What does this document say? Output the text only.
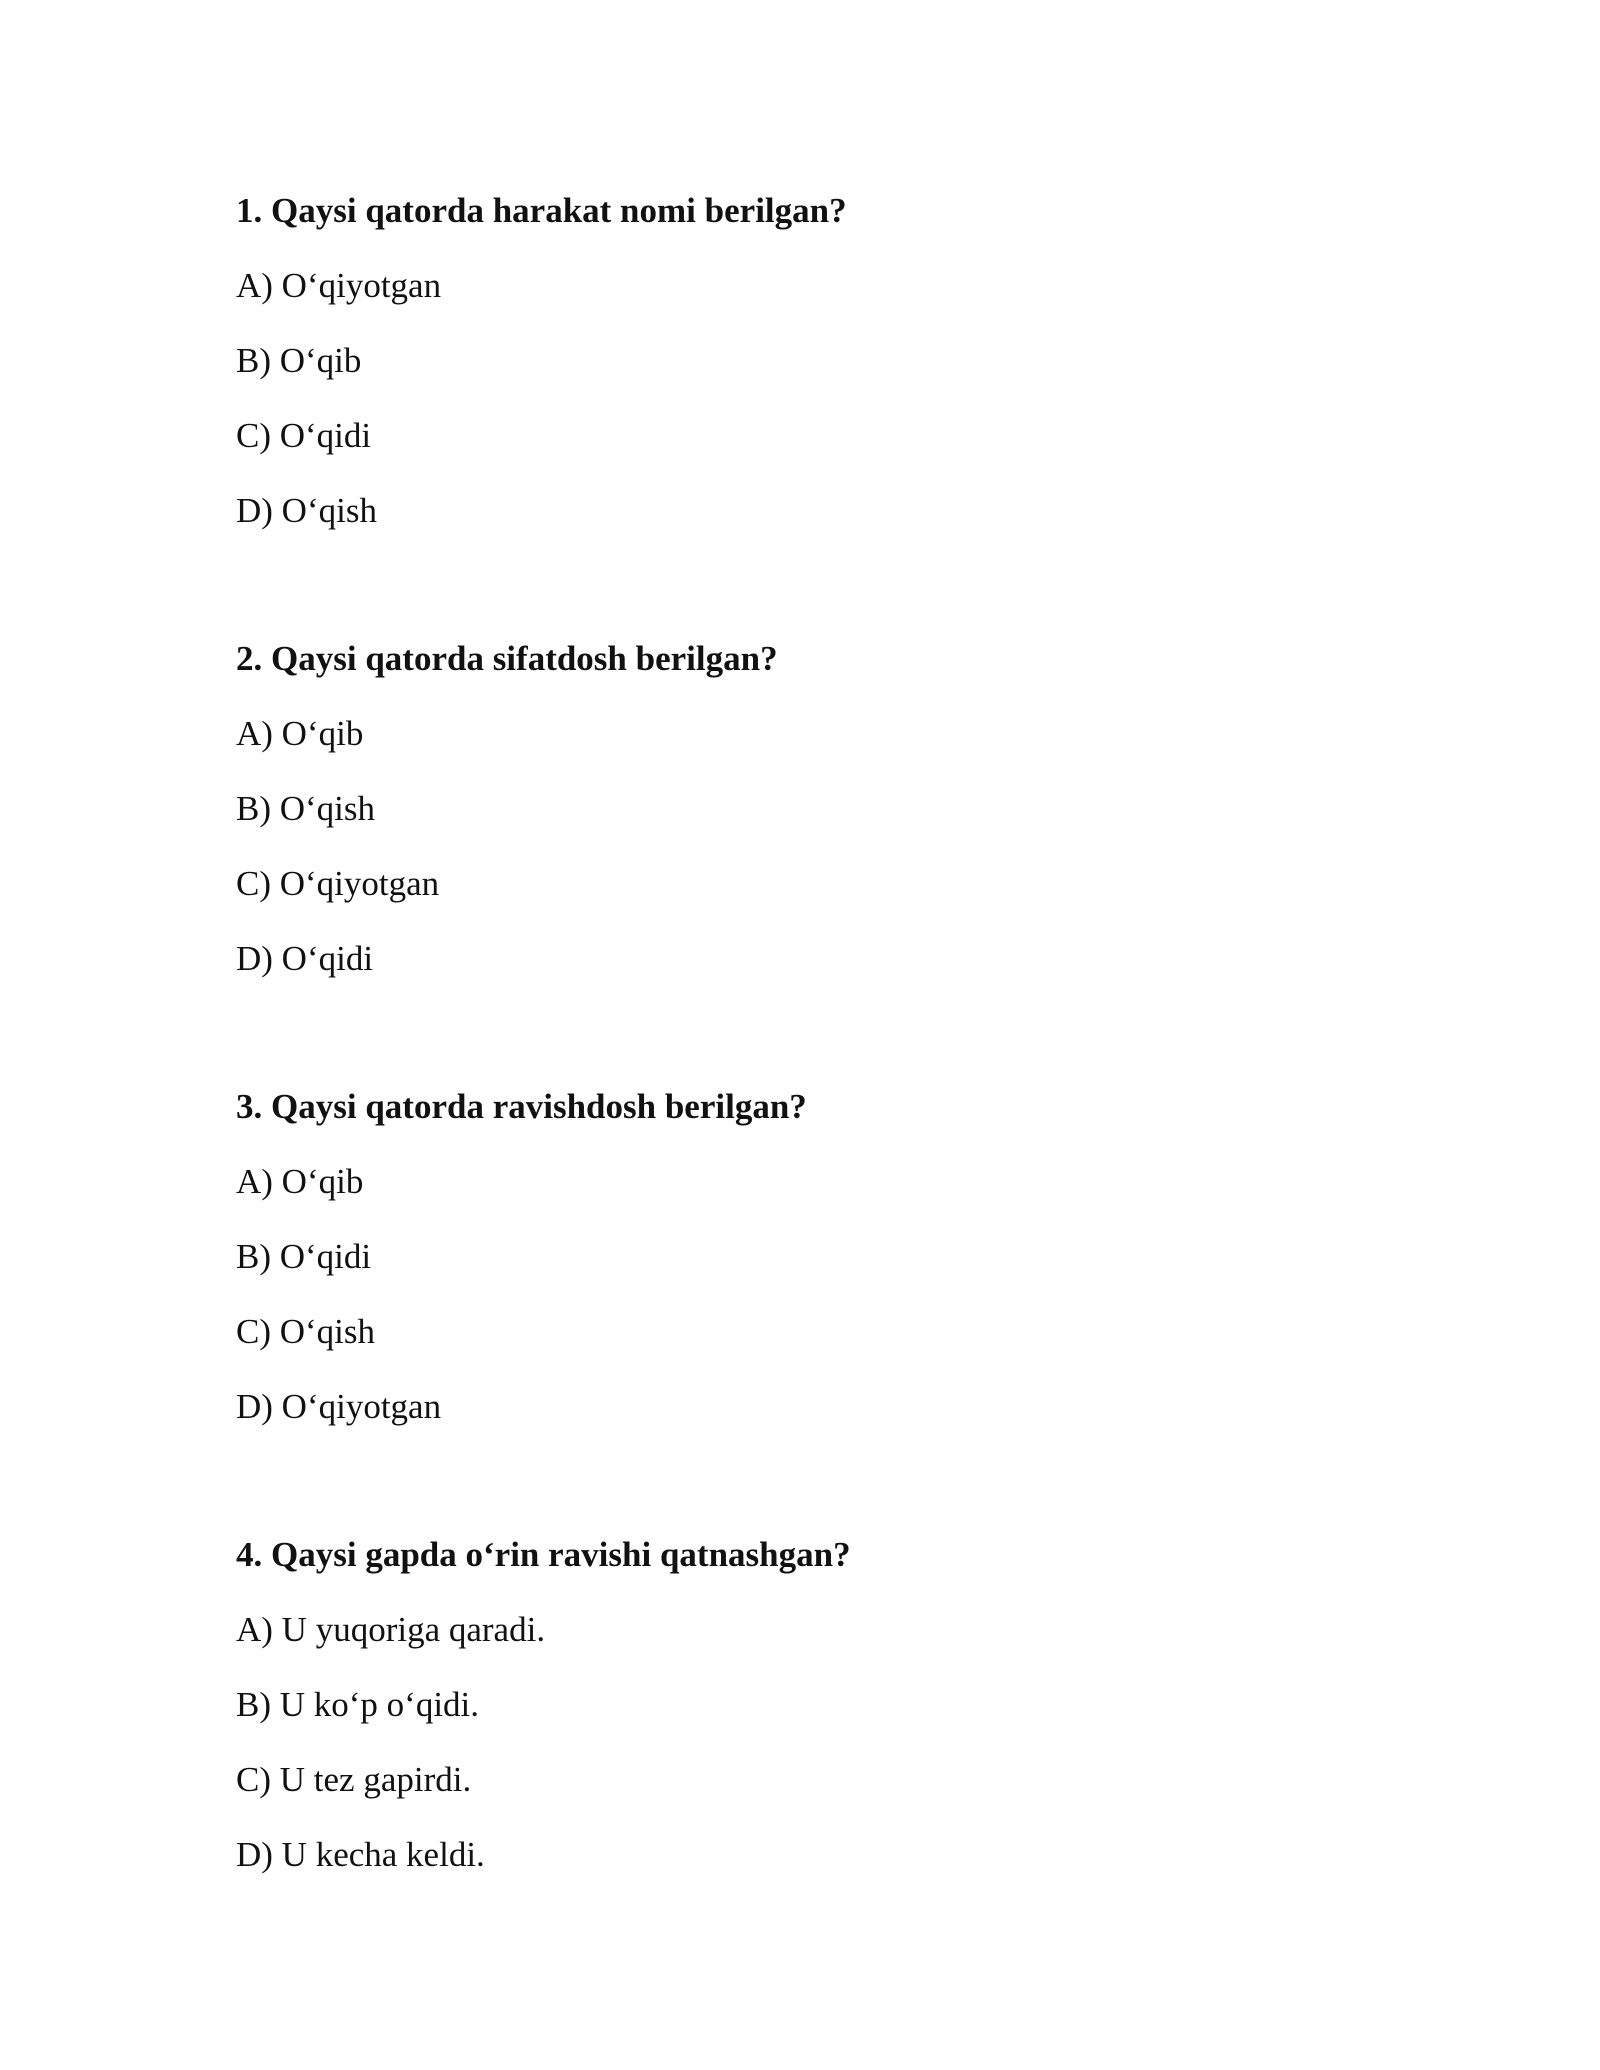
1. Qaysi qatorda harakat nomi berilgan?
A) O‘qiyotgan
B) O‘qib
C) O‘qidi
D) O‘qish
2. Qaysi qatorda sifatdosh berilgan?
A) O‘qib
B) O‘qish
C) O‘qiyotgan
D) O‘qidi
3. Qaysi qatorda ravishdosh berilgan?
A) O‘qib
B) O‘qidi
C) O‘qish
D) O‘qiyotgan
4. Qaysi gapda o‘rin ravishi qatnashgan?
A) U yuqoriga qaradi.
B) U ko‘p o‘qidi.
C) U tez gapirdi.
D) U kecha keldi.
